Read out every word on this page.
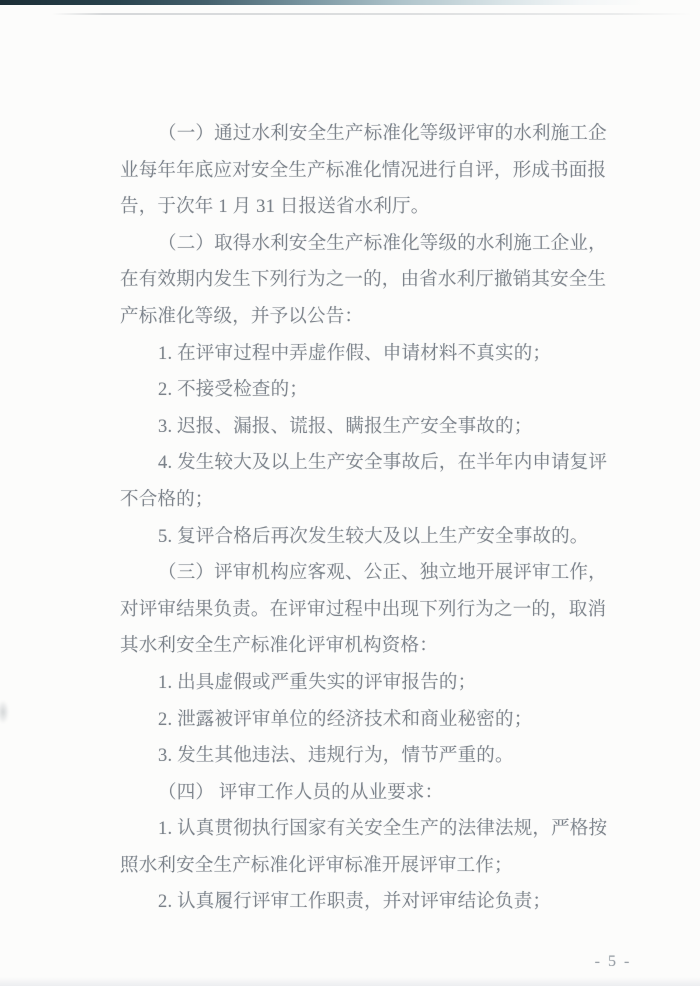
（一）通过水利安全生产标准化等级评审的水利施工企
业每年年底应对安全生产标准化情况进行自评，形成书面报
告，于次年 1 月 31 日报送省水利厅。
（二）取得水利安全生产标准化等级的水利施工企业，
在有效期内发生下列行为之一的，由省水利厅撤销其安全生
产标准化等级，并予以公告：
1. 在评审过程中弄虚作假、申请材料不真实的；
2. 不接受检查的；
3. 迟报、漏报、谎报、瞒报生产安全事故的；
4. 发生较大及以上生产安全事故后，在半年内申请复评
不合格的；
5. 复评合格后再次发生较大及以上生产安全事故的。
（三）评审机构应客观、公正、独立地开展评审工作，
对评审结果负责。在评审过程中出现下列行为之一的，取消
其水利安全生产标准化评审机构资格：
1. 出具虚假或严重失实的评审报告的；
2. 泄露被评审单位的经济技术和商业秘密的；
3. 发生其他违法、违规行为，情节严重的。
（四） 评审工作人员的从业要求：
1. 认真贯彻执行国家有关安全生产的法律法规，严格按
照水利安全生产标准化评审标准开展评审工作；
2. 认真履行评审工作职责，并对评审结论负责；
- 5 -
